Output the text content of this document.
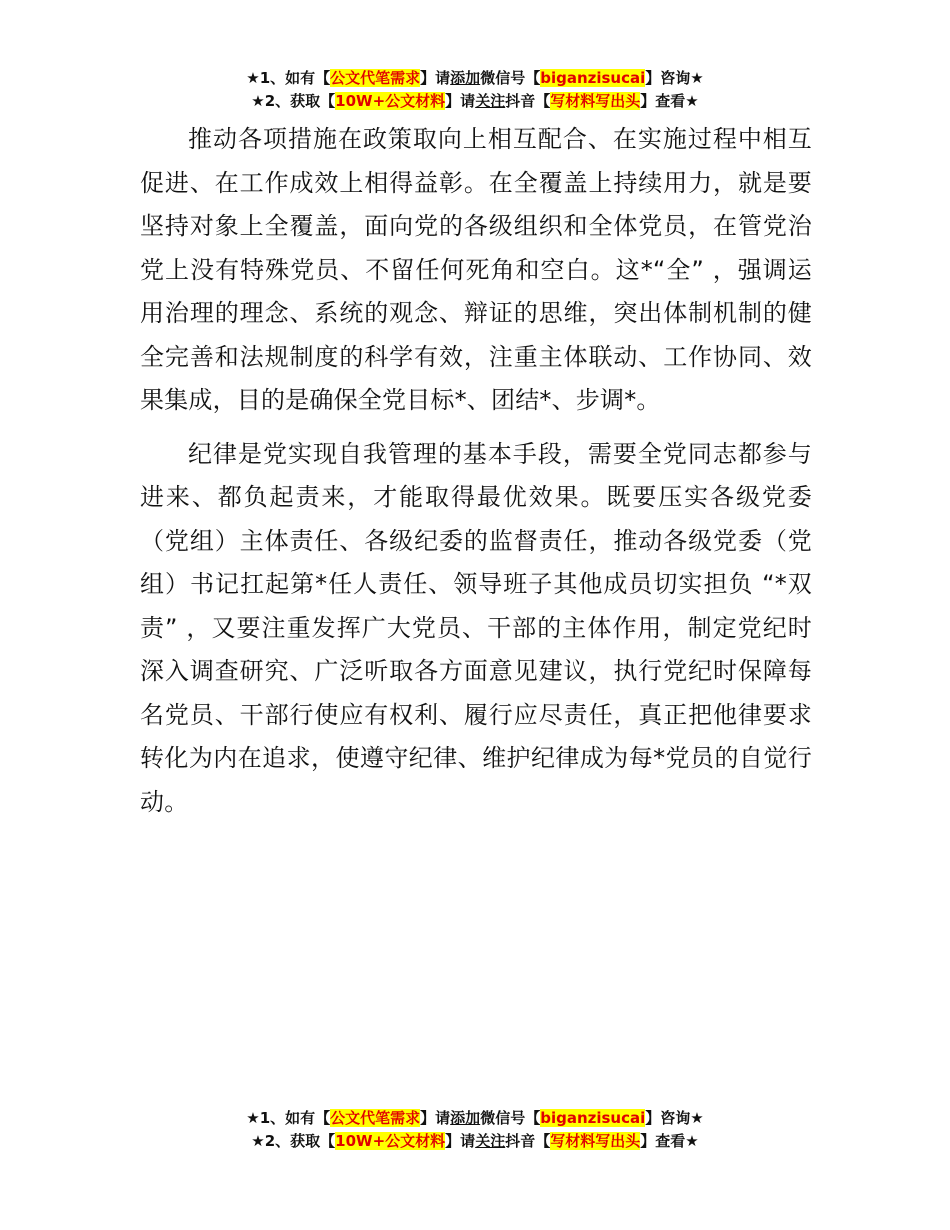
★1、如有【公文代笔需求】请添加微信号【biganzisucai】咨询★
★2、获取【10W+公文材料】请关注抖音【写材料写出头】查看★

推动各项措施在政策取向上相互配合、在实施过程中相互促进、在工作成效上相得益彰。在全覆盖上持续用力，就是要坚持对象上全覆盖，面向党的各级组织和全体党员，在管党治党上没有特殊党员、不留任何死角和空白。这*“全” ，强调运用治理的理念、系统的观念、辩证的思维，突出体制机制的健全完善和法规制度的科学有效，注重主体联动、工作协同、效果集成，目的是确保全党目标*、团结*、步调*。

纪律是党实现自我管理的基本手段，需要全党同志都参与进来、都负起责来，才能取得最优效果。既要压实各级党委（党组）主体责任、各级纪委的监督责任，推动各级党委（党组）书记扛起第*任人责任、领导班子其他成员切实担负 “*双责” ，又要注重发挥广大党员、干部的主体作用，制定党纪时深入调查研究、广泛听取各方面意见建议，执行党纪时保障每名党员、干部行使应有权利、履行应尽责任，真正把他律要求转化为内在追求，使遵守纪律、维护纪律成为每*党员的自觉行动。

★1、如有【公文代笔需求】请添加微信号【biganzisucai】咨询★
★2、获取【10W+公文材料】请关注抖音【写材料写出头】查看★
